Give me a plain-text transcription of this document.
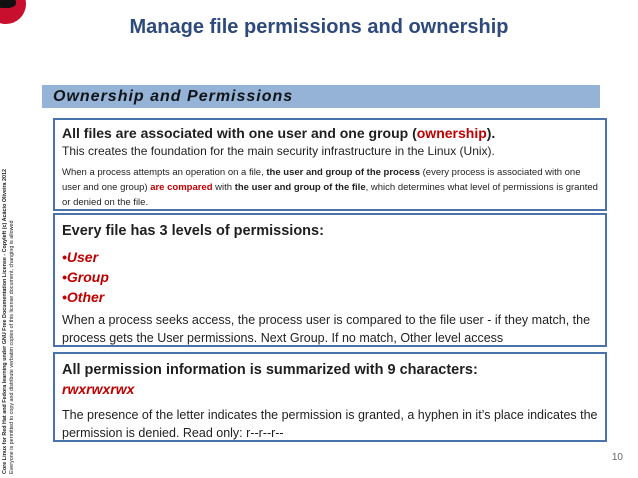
Manage file permissions and ownership
Core Linux for Red Hat and Fedora learning under GNU Free Documentation License - Copyleft (c) Acácio Oliveira 2012 Everyone is permitted to copy and distribute verbatim copies of this license document, changing is allowed
Ownership and Permissions
All files are associated with one user and one group (ownership).
This creates the foundation for the main security infrastructure in the Linux (Unix).
When a process attempts an operation on a file, the user and group of the process (every process is associated with one user and one group) are compared with the user and group of the file, which determines what level of permissions is granted or denied on the file.
Every file has 3 levels of permissions:
•User
•Group
•Other
When a process seeks access, the process user is compared to the file user - if they match, the process gets the User permissions. Next Group. If no match, Other level access
All permission information is summarized with 9 characters:
rwxrwxrwx
The presence of the letter indicates the permission is granted, a hyphen in it’s place indicates the permission is denied. Read only: r--r--r--
10
